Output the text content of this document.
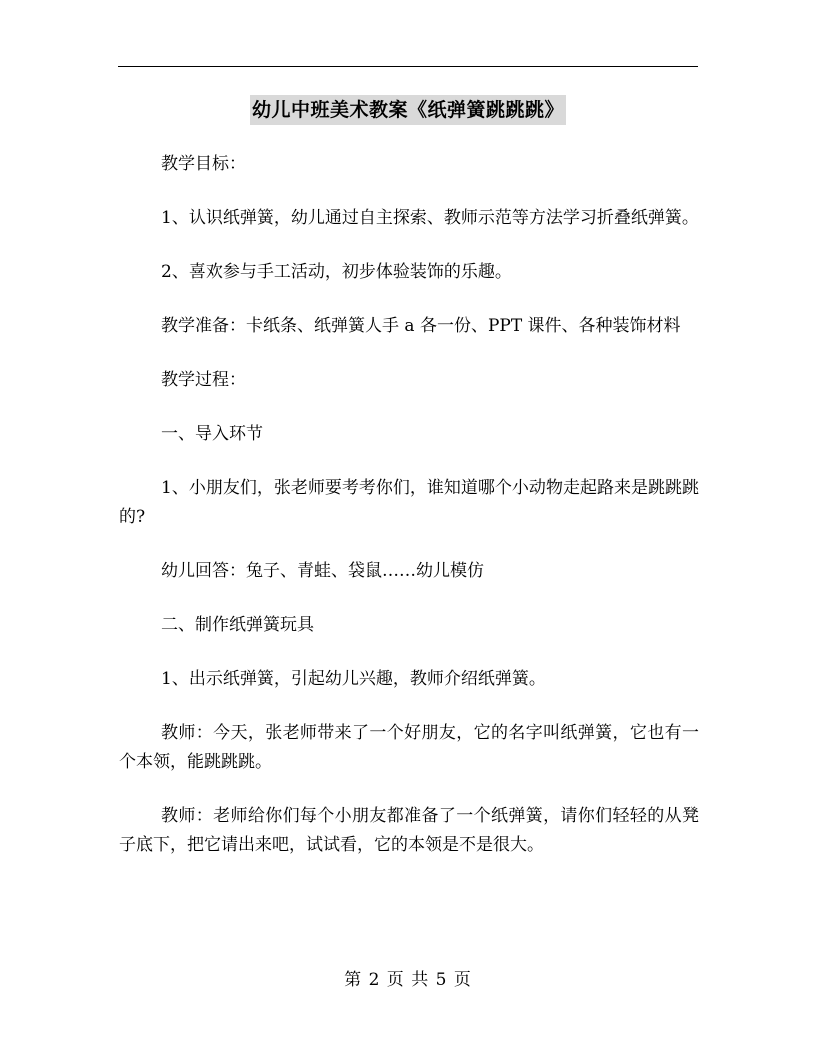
幼儿中班美术教案《纸弹簧跳跳跳》

教学目标：

1、认识纸弹簧，幼儿通过自主探索、教师示范等方法学习折叠纸弹簧。

2、喜欢参与手工活动，初步体验装饰的乐趣。

教学准备：卡纸条、纸弹簧人手 a 各一份、PPT 课件、各种装饰材料

教学过程：

一、导入环节

1、小朋友们，张老师要考考你们，谁知道哪个小动物走起路来是跳跳跳的?

幼儿回答：兔子、青蛙、袋鼠……幼儿模仿

二、制作纸弹簧玩具

1、出示纸弹簧，引起幼儿兴趣，教师介绍纸弹簧。

教师：今天，张老师带来了一个好朋友，它的名字叫纸弹簧，它也有一个本领，能跳跳跳。

教师：老师给你们每个小朋友都准备了一个纸弹簧，请你们轻轻的从凳子底下，把它请出来吧，试试看，它的本领是不是很大。

第 2 页 共 5 页
